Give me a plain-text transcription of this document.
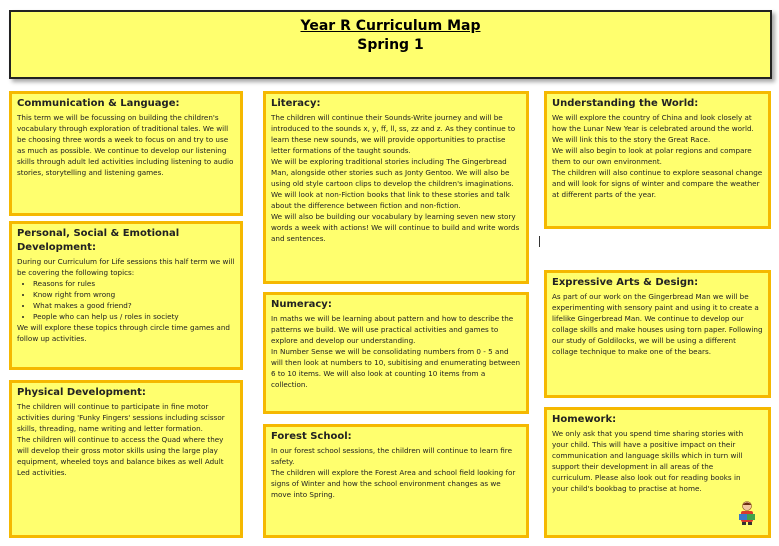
Year R Curriculum Map
Spring 1
Communication & Language:

This term we will be focussing on building the children's vocabulary through exploration of traditional tales. We will be choosing three words a week to focus on and try to use as much as possible. We continue to develop our listening skills through adult led activities including listening to audio stories, storytelling and listening games.

Personal, Social & Emotional Development:

During our Curriculum for Life sessions this half term we will be covering the following topics:

• Reasons for rules
• Know right from wrong
• What makes a good friend?
• People who can help us / roles in society

We will explore these topics through circle time games and follow up activities.

Physical Development:

The children will continue to participate in fine motor activities during 'Funky Fingers' sessions including scissor skills, threading, name writing and letter formation.

The children will continue to access the Quad where they will develop their gross motor skills using the large play equipment, wheeled toys and balance bikes as well Adult Led activities.

Literacy:

The children will continue their Sounds-Write journey and will be introduced to the sounds x, y, ff, ll, ss, zz and z. As they continue to learn these new sounds, we will provide opportunities to practise letter formations of the taught sounds.

We will be exploring traditional stories including The Gingerbread Man, alongside other stories such as Jonty Gentoo. We will also be using old style cartoon clips to develop the children's imaginations. We will look at non-Fiction books that link to these stories and talk about the difference between fiction and non-fiction.

We will also be building our vocabulary by learning seven new story words a week with actions! We will continue to build and write words and sentences.

Numeracy:

In maths we will be learning about pattern and how to describe the patterns we build. We will use practical activities and games to explore and develop our understanding.

In Number Sense we will be consolidating numbers from 0 - 5 and will then look at numbers to 10, subitising and enumerating between 6 to 10 items. We will also look at counting 10 items from a collection.

Forest School:

In our forest school sessions, the children will continue to learn fire safety.

The children will explore the Forest Area and school field looking for signs of Winter and how the school environment changes as we move into Spring.

Understanding the World:

We will explore the country of China and look closely at how the Lunar New Year is celebrated around the world. We will link this to the story the Great Race.

We will also begin to look at polar regions and compare them to our own environment.

The children will also continue to explore seasonal change and will look for signs of winter and compare the weather at different parts of the year.

Expressive Arts & Design:

As part of our work on the Gingerbread Man we will be experimenting with sensory paint and using it to create a lifelike Gingerbread Man. We continue to develop our collage skills and make houses using torn paper. Following our study of Goldilocks, we will be using a different collage technique to make one of the bears.

Homework:

We only ask that you spend time sharing stories with your child. This will have a positive impact on their communication and language skills which in turn will support their development in all areas of the curriculum. Please also look out for reading books in your child's bookbag to practise at home.
